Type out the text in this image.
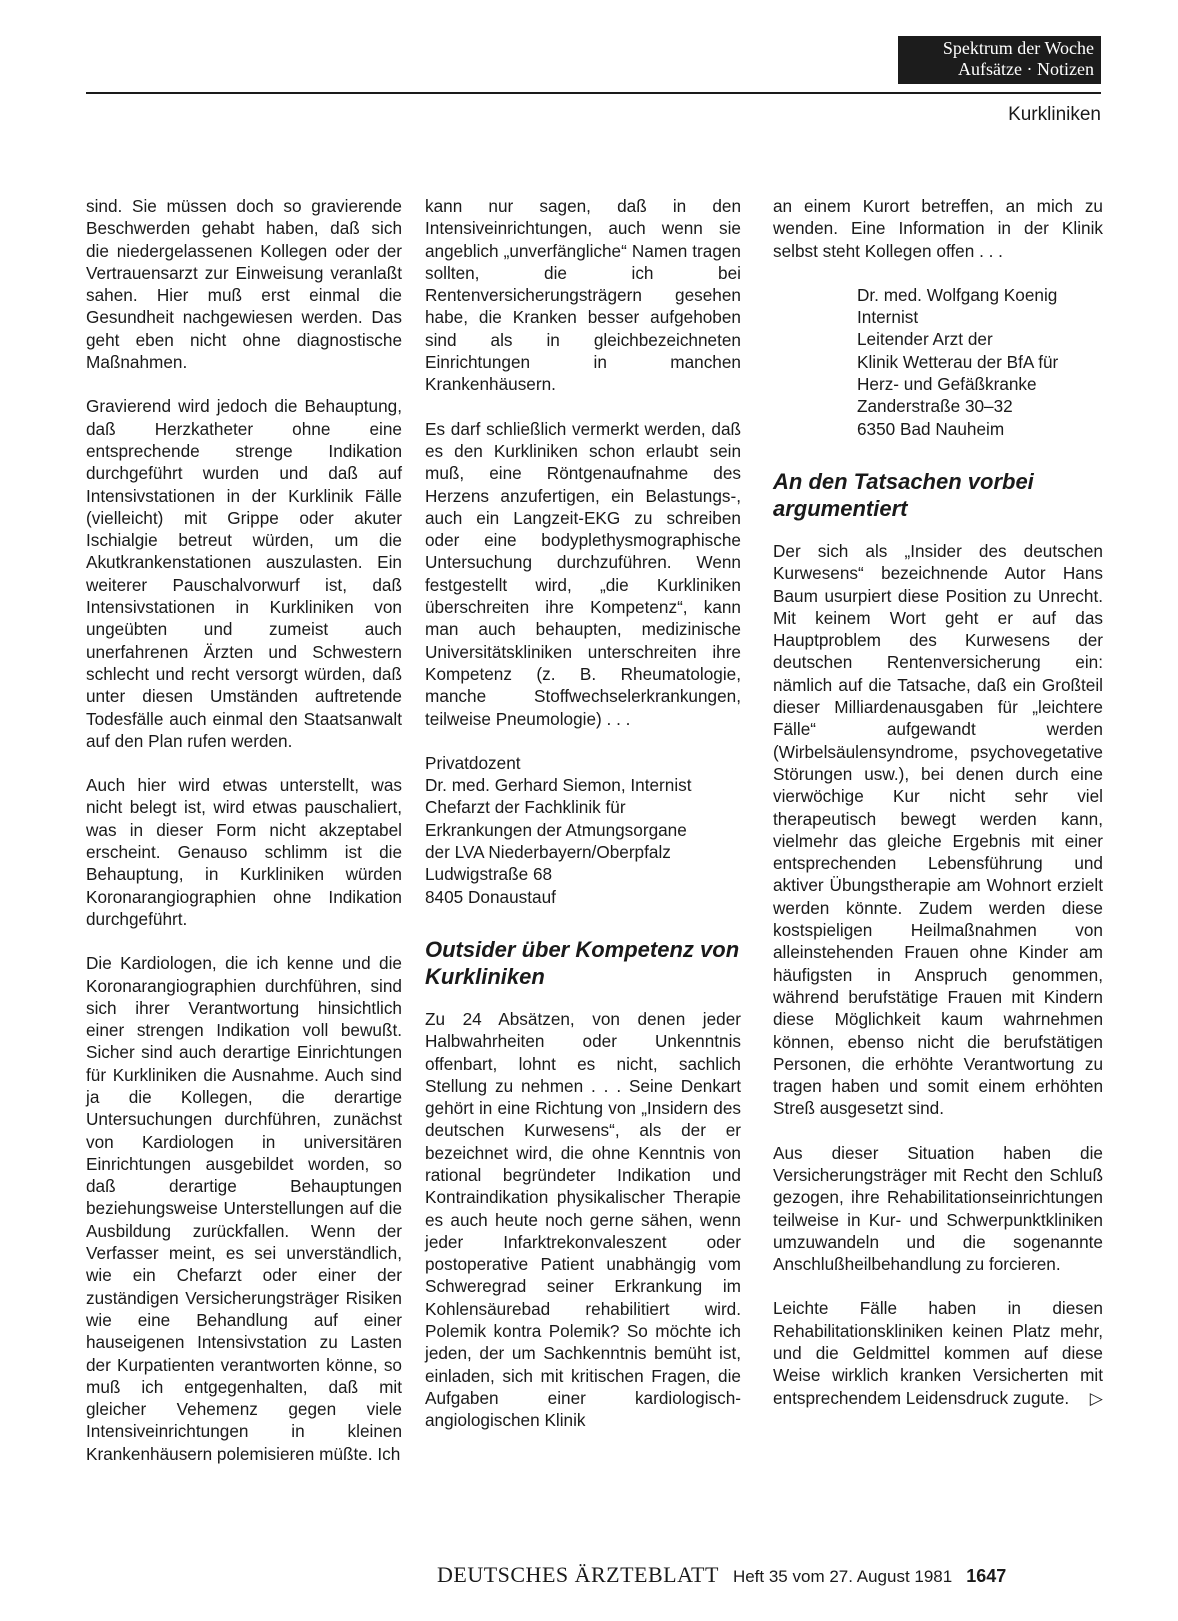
Spektrum der Woche
Aufsätze · Notizen
Kurkliniken

sind. Sie müssen doch so gravierende Beschwerden gehabt haben, daß sich die niedergelassenen Kollegen oder der Vertrauensarzt zur Einweisung veranlaßt sahen. Hier muß erst einmal die Gesundheit nachgewiesen werden. Das geht eben nicht ohne diagnostische Maßnahmen.

Gravierend wird jedoch die Behauptung, daß Herzkatheter ohne eine entsprechende strenge Indikation durchgeführt wurden und daß auf Intensivstationen in der Kurklinik Fälle (vielleicht) mit Grippe oder akuter Ischialgie betreut würden, um die Akutkrankenstationen auszulasten. Ein weiterer Pauschalvorwurf ist, daß Intensivstationen in Kurkliniken von ungeübten und zumeist auch unerfahrenen Ärzten und Schwestern schlecht und recht versorgt würden, daß unter diesen Umständen auftretende Todesfälle auch einmal den Staatsanwalt auf den Plan rufen werden.

Auch hier wird etwas unterstellt, was nicht belegt ist, wird etwas pauschaliert, was in dieser Form nicht akzeptabel erscheint. Genauso schlimm ist die Behauptung, in Kurkliniken würden Koronarangiographien ohne Indikation durchgeführt.

Die Kardiologen, die ich kenne und die Koronarangiographien durchführen, sind sich ihrer Verantwortung hinsichtlich einer strengen Indikation voll bewußt. Sicher sind auch derartige Einrichtungen für Kurkliniken die Ausnahme. Auch sind ja die Kollegen, die derartige Untersuchungen durchführen, zunächst von Kardiologen in universitären Einrichtungen ausgebildet worden, so daß derartige Behauptungen beziehungsweise Unterstellungen auf die Ausbildung zurückfallen. Wenn der Verfasser meint, es sei unverständlich, wie ein Chefarzt oder einer der zuständigen Versicherungsträger Risiken wie eine Behandlung auf einer hauseigenen Intensivstation zu Lasten der Kurpatienten verantworten könne, so muß ich entgegenhalten, daß mit gleicher Vehemenz gegen viele Intensiveinrichtungen in kleinen Krankenhäusern polemisieren müßte. Ich

kann nur sagen, daß in den Intensiveinrichtungen, auch wenn sie angeblich „unverfängliche“ Namen tragen sollten, die ich bei Rentenversicherungsträgern gesehen habe, die Kranken besser aufgehoben sind als in gleichbezeichneten Einrichtungen in manchen Krankenhäusern.

Es darf schließlich vermerkt werden, daß es den Kurkliniken schon erlaubt sein muß, eine Röntgenaufnahme des Herzens anzufertigen, ein Belastungs-, auch ein Langzeit-EKG zu schreiben oder eine bodyplethysmographische Untersuchung durchzuführen. Wenn festgestellt wird, „die Kurkliniken überschreiten ihre Kompetenz“, kann man auch behaupten, medizinische Universitätskliniken unterschreiten ihre Kompetenz (z. B. Rheumatologie, manche Stoffwechselerkrankungen, teilweise Pneumologie) . . .

Privatdozent
Dr. med. Gerhard Siemon, Internist
Chefarzt der Fachklinik für
Erkrankungen der Atmungsorgane
der LVA Niederbayern/Oberpfalz
Ludwigstraße 68
8405 Donaustauf
Outsider über Kompetenz von Kurkliniken

Zu 24 Absätzen, von denen jeder Halbwahrheiten oder Unkenntnis offenbart, lohnt es nicht, sachlich Stellung zu nehmen . . . Seine Denkart gehört in eine Richtung von „Insidern des deutschen Kurwesens“, als der er bezeichnet wird, die ohne Kenntnis von rational begründeter Indikation und Kontraindikation physikalischer Therapie es auch heute noch gerne sähen, wenn jeder Infarktrekonvaleszent oder postoperative Patient unabhängig vom Schweregrad seiner Erkrankung im Kohlensäurebad rehabilitiert wird. Polemik kontra Polemik? So möchte ich jeden, der um Sachkenntnis bemüht ist, einladen, sich mit kritischen Fragen, die Aufgaben einer kardiologisch-angiologischen Klinik

an einem Kurort betreffen, an mich zu wenden. Eine Information in der Klinik selbst steht Kollegen offen . . .

Dr. med. Wolfgang Koenig
Internist
Leitender Arzt der
Klinik Wetterau der BfA für
Herz- und Gefäßkranke
Zanderstraße 30–32
6350 Bad Nauheim
An den Tatsachen vorbei argumentiert

Der sich als „Insider des deutschen Kurwesens“ bezeichnende Autor Hans Baum usurpiert diese Position zu Unrecht. Mit keinem Wort geht er auf das Hauptproblem des Kurwesens der deutschen Rentenversicherung ein: nämlich auf die Tatsache, daß ein Großteil dieser Milliardenausgaben für „leichtere Fälle“ aufgewandt werden (Wirbelsäulensyndrome, psychovegetative Störungen usw.), bei denen durch eine vierwöchige Kur nicht sehr viel therapeutisch bewegt werden kann, vielmehr das gleiche Ergebnis mit einer entsprechenden Lebensführung und aktiver Übungstherapie am Wohnort erzielt werden könnte. Zudem werden diese kostspieligen Heilmaßnahmen von alleinstehenden Frauen ohne Kinder am häufigsten in Anspruch genommen, während berufstätige Frauen mit Kindern diese Möglichkeit kaum wahrnehmen können, ebenso nicht die berufstätigen Personen, die erhöhte Verantwortung zu tragen haben und somit einem erhöhten Streß ausgesetzt sind.

Aus dieser Situation haben die Versicherungsträger mit Recht den Schluß gezogen, ihre Rehabilitationseinrichtungen teilweise in Kur- und Schwerpunktkliniken umzuwandeln und die sogenannte Anschlußheilbehandlung zu forcieren.

Leichte Fälle haben in diesen Rehabilitationskliniken keinen Platz mehr, und die Geldmittel kommen auf diese Weise wirklich kranken Versicherten mit entsprechendem Leidensdruck zugute. ▷

DEUTSCHES ÄRZTEBLATT Heft 35 vom 27. August 1981 1647
